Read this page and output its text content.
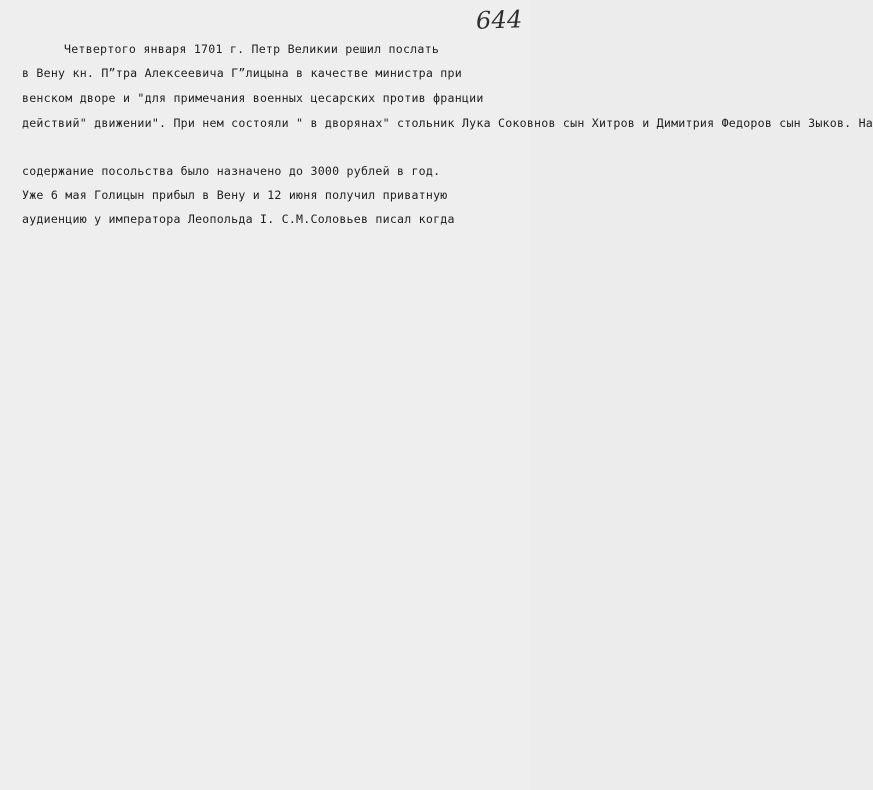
644
Четвертого января 1701 г. Петр Великии решил послать
в Вену кн. П”тра Алексеевича Г”лицына в качестве министра при
венском дворе и "для примечания военных цесарских против франции
действий" движении". При нем состояли " в дворянах" стольник Лука Соковнов сын Хитров и Димитрия Федоров сын Зыков. На
содержание посольства было назначено до 3000 рублей в год.
Уже 6 мая Голицын прибыл в Вену и 12 июня получил приватную
аудиенцию у императора Леопольда I. С.М.Соловьев писал когда
